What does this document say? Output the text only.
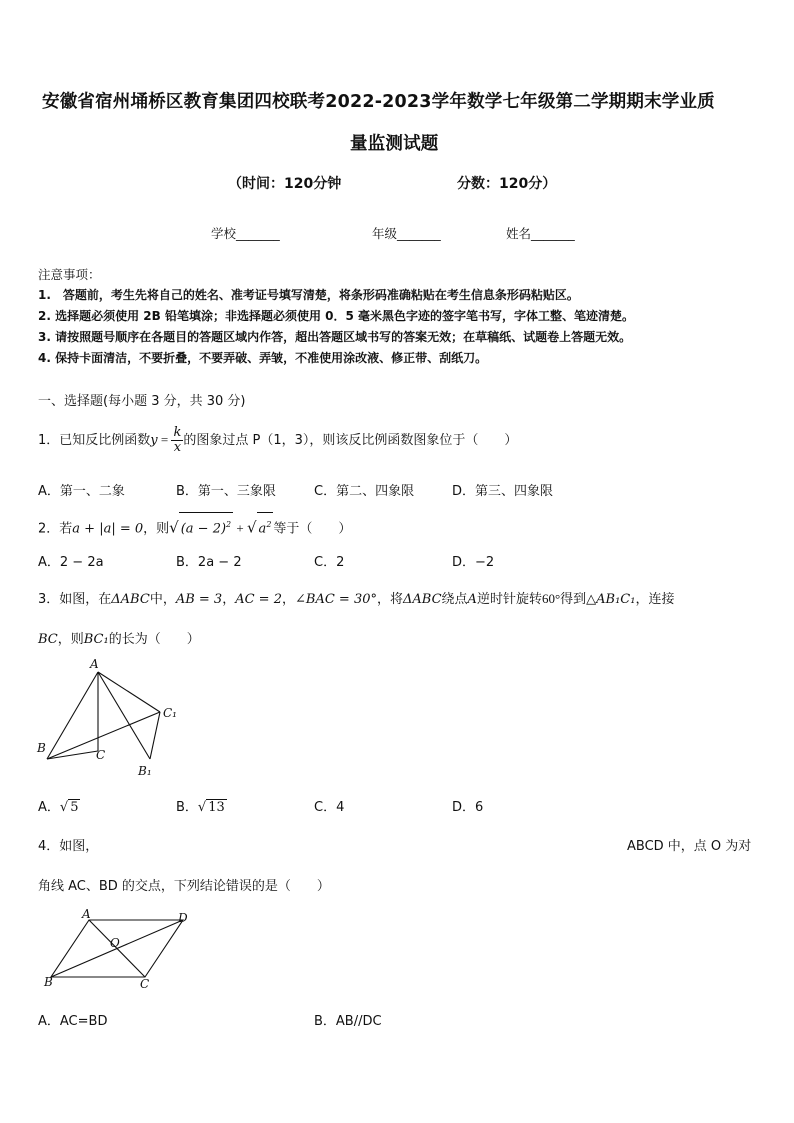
安徽省宿州埇桥区教育集团四校联考2022-2023学年数学七年级第二学期期末学业质
量监测试题
（时间：120分钟	分数：120分）
学校_______	年级_______	姓名_______
注意事项：
1.　答题前，考生先将自己的姓名、准考证号填写清楚，将条形码准确粘贴在考生信息条形码粘贴区。
2. 选择题必须使用 2B 铅笔填涂；非选择题必须使用 0．5 毫米黑色字迹的签字笔书写，字体工整、笔迹清楚。
3. 请按照题号顺序在各题目的答题区域内作答，超出答题区域书写的答案无效；在草稿纸、试题卷上答题无效。
4. 保持卡面清洁，不要折叠，不要弄破、弄皱，不准使用涂改液、修正带、刮纸刀。
一、选择题(每小题 3 分，共 30 分)
1．已知反比例函数$y = \frac{k}{x}$ 的图象过点 P（1，3），则该反比例函数图象位于（　　）
A．第一、二象	B．第一、三象限	C．第二、四象限	D．第三、四象限
2．若a + |a| = 0，则√ $(a - 2)^2$ + √ $a^2$ 等于（　　）
A．2 − 2a	B．2a − 2	C．2	D．−2
3．如图，在ΔABC中，AB = 3，AC = 2，∠BAC = 30°，将ΔABC绕点A逆时针旋转60°得到△AB₁C₁，连接
BC，则BC₁的长为（　　）
A
B	C
C₁
B₁
A．√ 5	B．√ 13	C．4	D．6
4．如图，	ABCD 中，点 O 为对
角线 AC、BD 的交点，下列结论错误的是（　　）
A	D
O
B	C
A．AC=BD	B．AB//DC
